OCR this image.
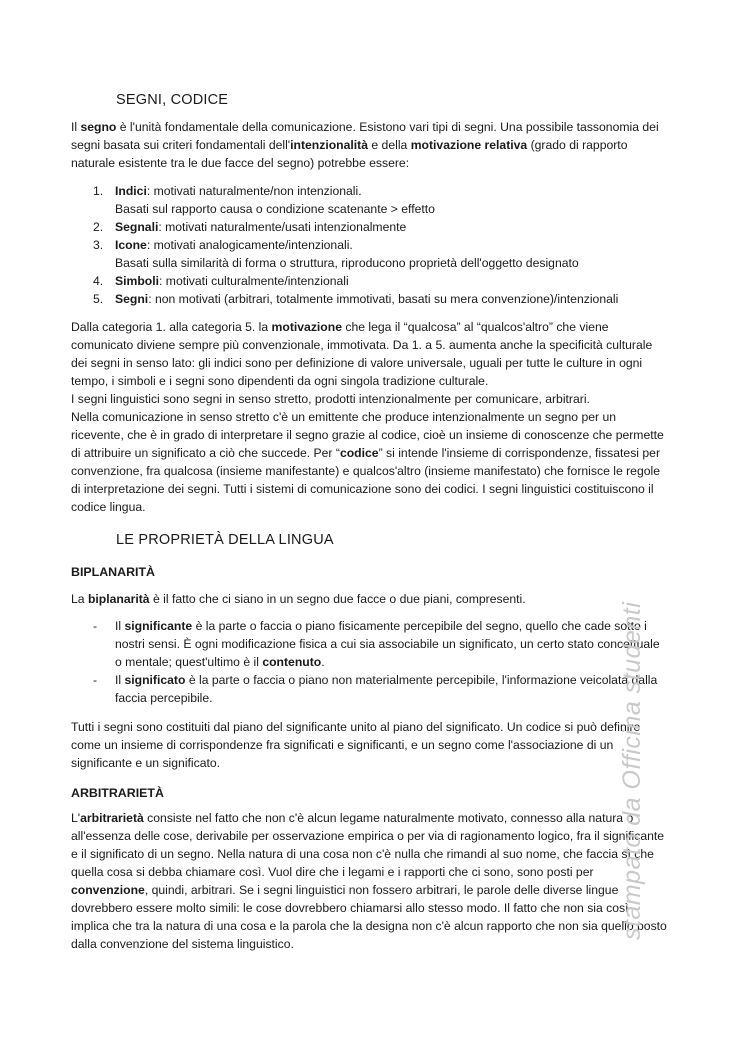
SEGNI, CODICE

Il segno è l'unità fondamentale della comunicazione. Esistono vari tipi di segni. Una possibile tassonomia dei segni basata sui criteri fondamentali dell'intenzionalità e della motivazione relativa (grado di rapporto naturale esistente tra le due facce del segno) potrebbe essere:

1. Indici: motivati naturalmente/non intenzionali.
Basati sul rapporto causa o condizione scatenante > effetto
2. Segnali: motivati naturalmente/usati intenzionalmente
3. Icone: motivati analogicamente/intenzionali.
Basati sulla similarità di forma o struttura, riproducono proprietà dell'oggetto designato
4. Simboli: motivati culturalmente/intenzionali
5. Segni: non motivati (arbitrari, totalmente immotivati, basati su mera convenzione)/intenzionali

Dalla categoria 1. alla categoria 5. la motivazione che lega il “qualcosa” al “qualcos'altro” che viene comunicato diviene sempre più convenzionale, immotivata. Da 1. a 5. aumenta anche la specificità culturale dei segni in senso lato: gli indici sono per definizione di valore universale, uguali per tutte le culture in ogni tempo, i simboli e i segni sono dipendenti da ogni singola tradizione culturale.

I segni linguistici sono segni in senso stretto, prodotti intenzionalmente per comunicare, arbitrari.

Nella comunicazione in senso stretto c'è un emittente che produce intenzionalmente un segno per un ricevente, che è in grado di interpretare il segno grazie al codice, cioè un insieme di conoscenze che permette di attribuire un significato a ciò che succede. Per “codice” si intende l'insieme di corrispondenze, fissatesi per convenzione, fra qualcosa (insieme manifestante) e qualcos'altro (insieme manifestato) che fornisce le regole di interpretazione dei segni. Tutti i sistemi di comunicazione sono dei codici. I segni linguistici costituiscono il codice lingua.

LE PROPRIETÀ DELLA LINGUA
BIPLANARITÀ

La biplanarità è il fatto che ci siano in un segno due facce o due piani, compresenti.

- Il significante è la parte o faccia o piano fisicamente percepibile del segno, quello che cade sotto i nostri sensi. È ogni modificazione fisica a cui sia associabile un significato, un certo stato concettuale o mentale; quest'ultimo è il contenuto.
- Il significato è la parte o faccia o piano non materialmente percepibile, l'informazione veicolata dalla faccia percepibile.

Tutti i segni sono costituiti dal piano del significante unito al piano del significato. Un codice si può definire come un insieme di corrispondenze fra significati e significanti, e un segno come l'associazione di un significante e un significato.

ARBITRARIETÀ

L'arbitrarietà consiste nel fatto che non c'è alcun legame naturalmente motivato, connesso alla natura o all'essenza delle cose, derivabile per osservazione empirica o per via di ragionamento logico, fra il significante e il significato di un segno. Nella natura di una cosa non c'è nulla che rimandi al suo nome, che faccia sì che quella cosa si debba chiamare così. Vuol dire che i legami e i rapporti che ci sono, sono posti per convenzione, quindi, arbitrari. Se i segni linguistici non fossero arbitrari, le parole delle diverse lingue dovrebbero essere molto simili: le cose dovrebbero chiamarsi allo stesso modo. Il fatto che non sia così implica che tra la natura di una cosa e la parola che la designa non c'è alcun rapporto che non sia quello posto dalla convenzione del sistema linguistico.

stampato da Officina studenti
